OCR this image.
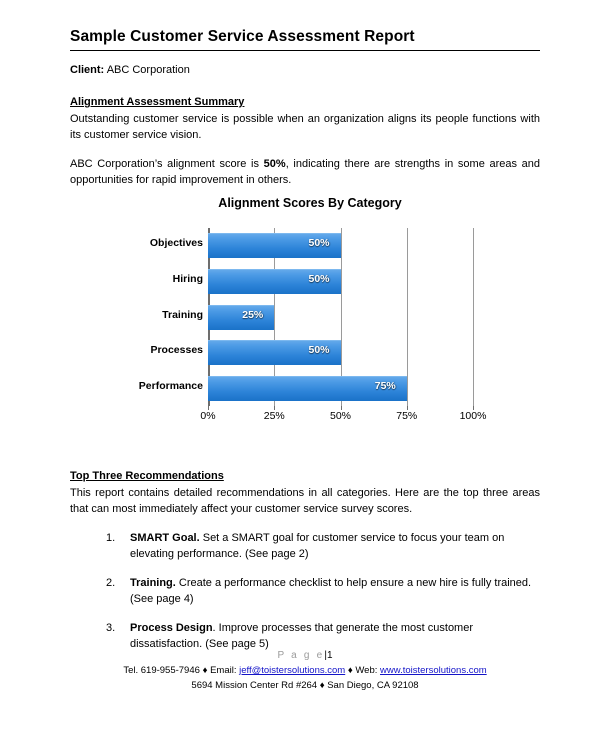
Sample Customer Service Assessment Report
Client: ABC Corporation
Alignment Assessment Summary

Outstanding customer service is possible when an organization aligns its people functions with its customer service vision.

ABC Corporation’s alignment score is 50%, indicating there are strengths in some areas and opportunities for rapid improvement in others.

Alignment Scores By Category
Objectives
Hiring
Training
Processes
Performance
0%	25%	50%	75%	100%
50%
50%
25%
50%
75%
Top Three Recommendations

This report contains detailed recommendations in all categories. Here are the top three areas that can most immediately affect your customer service survey scores.

1. SMART Goal. Set a SMART goal for customer service to focus your team on elevating performance. (See page 2)
2. Training. Create a performance checklist to help ensure a new hire is fully trained. (See page 4)
3. Process Design. Improve processes that generate the most customer dissatisfaction. (See page 5)
P a g e|1
Tel. 619-955-7946 ♦ Email: jeff@toistersolutions.com ♦ Web: www.toistersolutions.com
5694 Mission Center Rd #264 ♦ San Diego, CA 92108
